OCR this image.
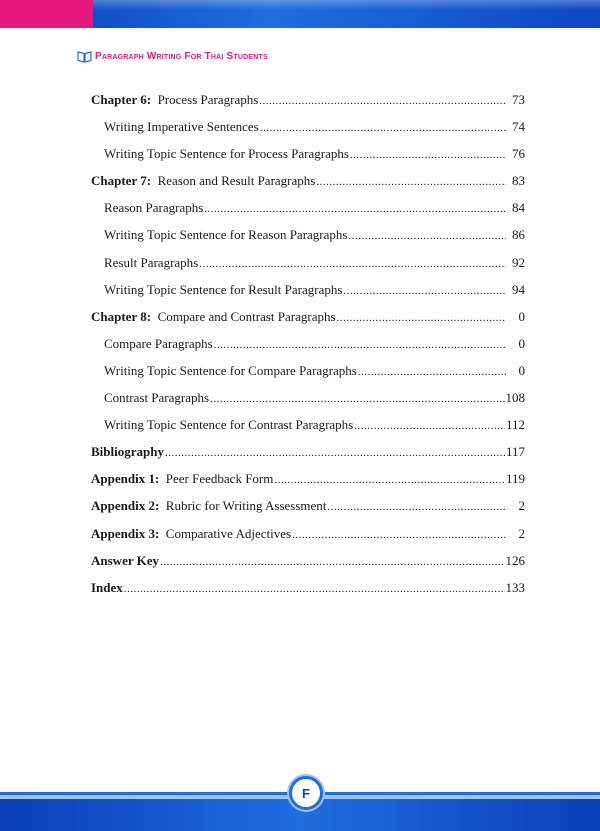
Paragraph Writing For Thai Students
Chapter 6: Process Paragraphs .....	73
Writing Imperative Sentences .....	74
Writing Topic Sentence for Process Paragraphs .....	76
Chapter 7: Reason and Result Paragraphs .....	83
Reason Paragraphs .....	84
Writing Topic Sentence for Reason Paragraphs .....	86
Result Paragraphs .....	92
Writing Topic Sentence for Result Paragraphs .....	94
Chapter 8: Compare and Contrast Paragraphs .....	0
Compare Paragraphs .....	0
Writing Topic Sentence for Compare Paragraphs .....	0
Contrast Paragraphs .....	108
Writing Topic Sentence for Contrast Paragraphs .....	112
Bibliography .....	117
Appendix 1: Peer Feedback Form .....	119
Appendix 2: Rubric for Writing Assessment .....	2
Appendix 3: Comparative Adjectives .....	2
Answer Key .....	126
Index .....	133
F
